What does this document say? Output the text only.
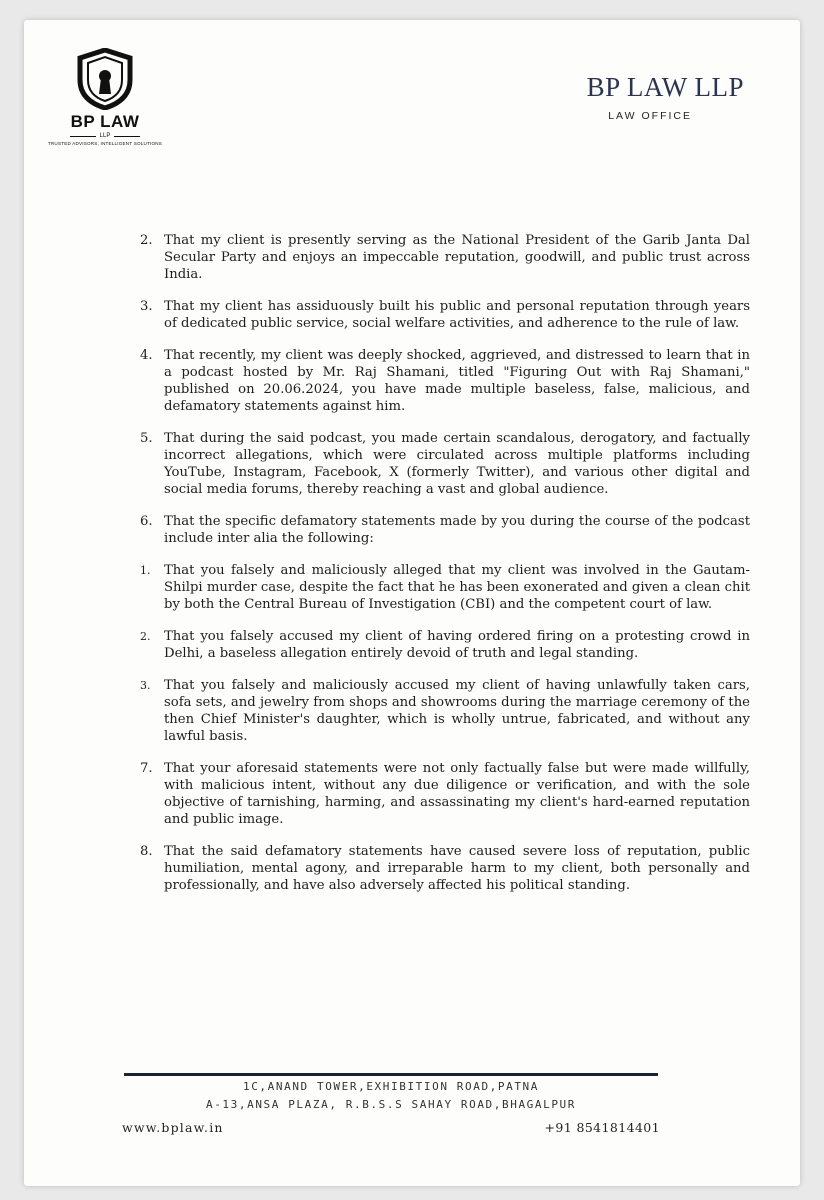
BP LAW
LLP
TRUSTED ADVISORS, INTELLIGENT SOLUTIONS
BP LAW LLP
LAW OFFICE
2. That my client is presently serving as the National President of the Garib Janta Dal Secular Party and enjoys an impeccable reputation, goodwill, and public trust across India.
3. That my client has assiduously built his public and personal reputation through years of dedicated public service, social welfare activities, and adherence to the rule of law.
4. That recently, my client was deeply shocked, aggrieved, and distressed to learn that in a podcast hosted by Mr. Raj Shamani, titled "Figuring Out with Raj Shamani," published on 20.06.2024, you have made multiple baseless, false, malicious, and defamatory statements against him.
5. That during the said podcast, you made certain scandalous, derogatory, and factually incorrect allegations, which were circulated across multiple platforms including YouTube, Instagram, Facebook, X (formerly Twitter), and various other digital and social media forums, thereby reaching a vast and global audience.
6. That the specific defamatory statements made by you during the course of the podcast include inter alia the following:
1.	That you falsely and maliciously alleged that my client was involved in the Gautam-Shilpi murder case, despite the fact that he has been exonerated and given a clean chit by both the Central Bureau of Investigation (CBI) and the competent court of law.
2.	That you falsely accused my client of having ordered firing on a protesting crowd in Delhi, a baseless allegation entirely devoid of truth and legal standing.
3.	That you falsely and maliciously accused my client of having unlawfully taken cars, sofa sets, and jewelry from shops and showrooms during the marriage ceremony of the then Chief Minister's daughter, which is wholly untrue, fabricated, and without any lawful basis.
7. That your aforesaid statements were not only factually false but were made willfully, with malicious intent, without any due diligence or verification, and with the sole objective of tarnishing, harming, and assassinating my client's hard-earned reputation and public image.
8. That the said defamatory statements have caused severe loss of reputation, public humiliation, mental agony, and irreparable harm to my client, both personally and professionally, and have also adversely affected his political standing.
1C,ANAND TOWER,EXHIBITION ROAD,PATNA
A-13,ANSA PLAZA, R.B.S.S SAHAY ROAD,BHAGALPUR
www.bplaw.in	+91 8541814401
